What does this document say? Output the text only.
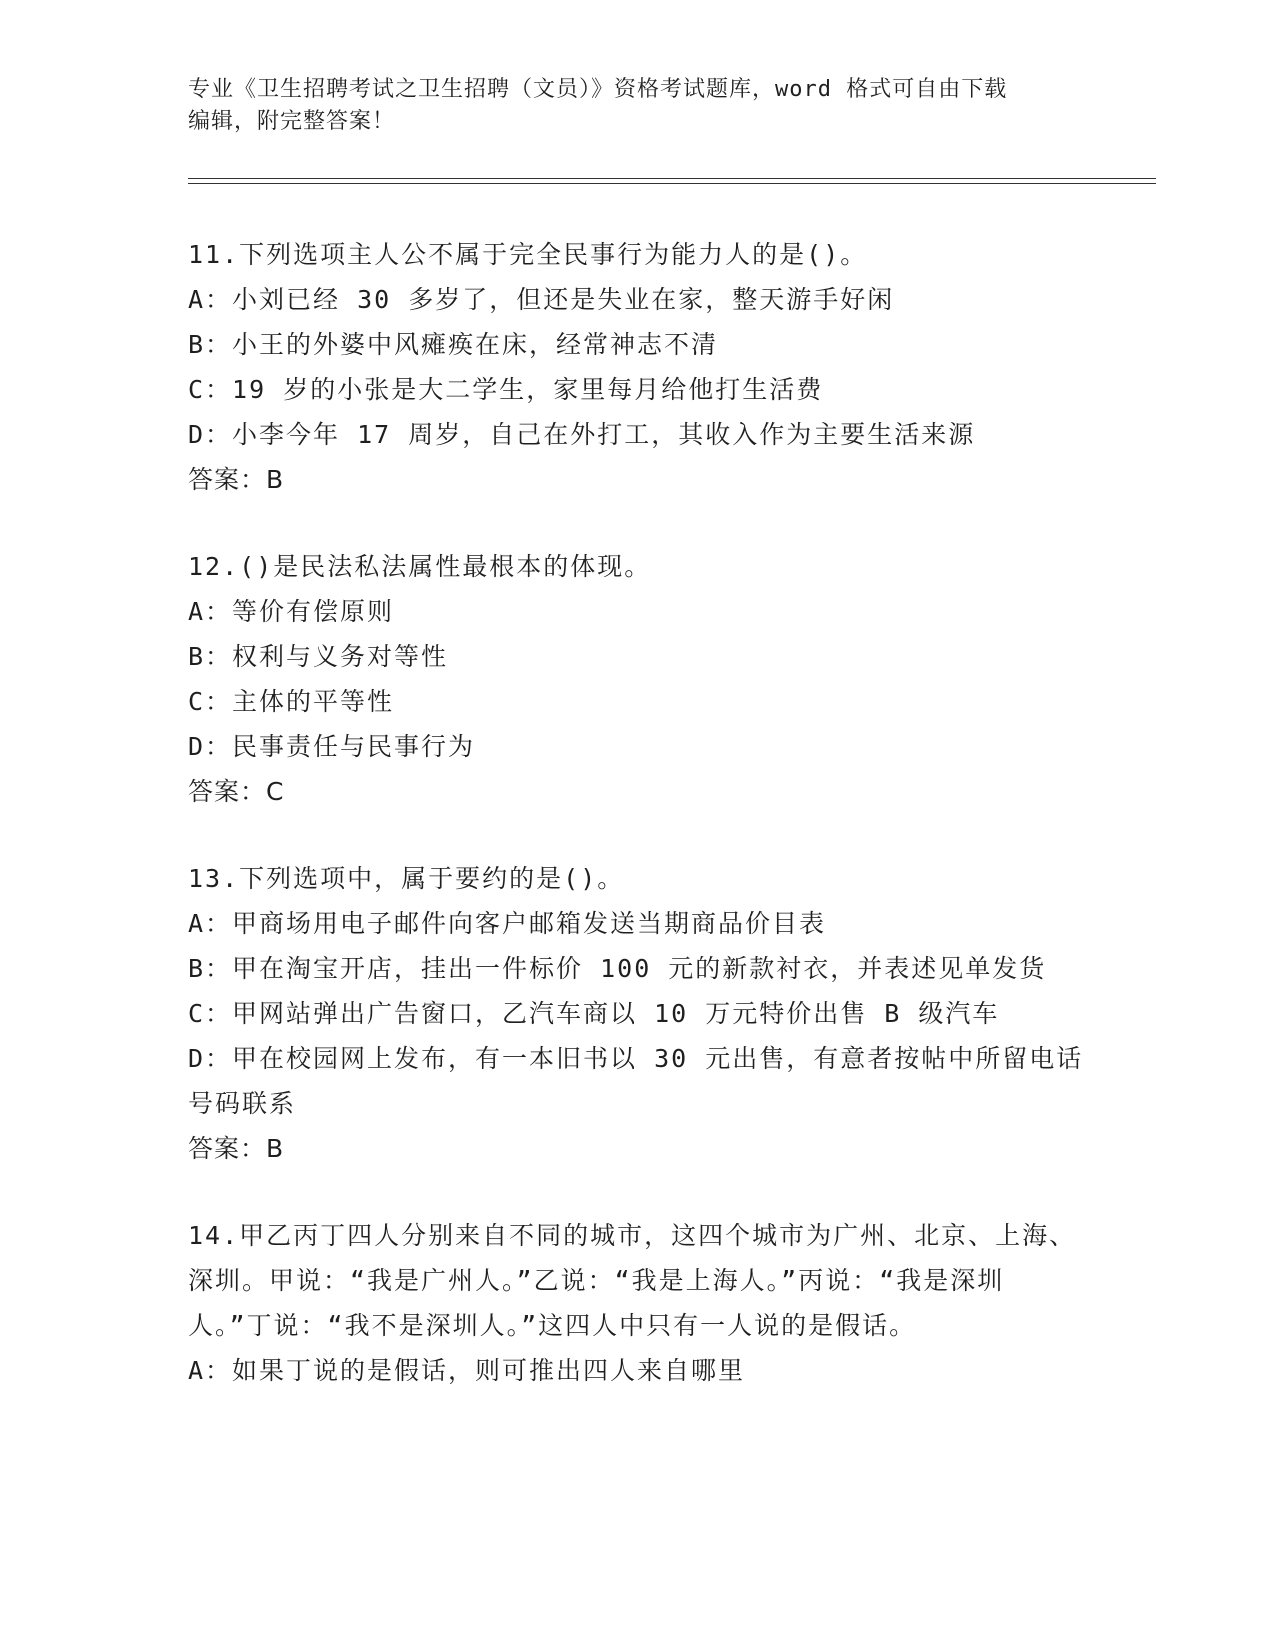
专业《卫生招聘考试之卫生招聘（文员）》资格考试题库，word 格式可自由下载
编辑，附完整答案！
11.下列选项主人公不属于完全民事行为能力人的是()。
A：小刘已经 30 多岁了，但还是失业在家，整天游手好闲
B：小王的外婆中风瘫痪在床，经常神志不清
C：19 岁的小张是大二学生，家里每月给他打生活费
D：小李今年 17 周岁，自己在外打工，其收入作为主要生活来源
答案：B
12.()是民法私法属性最根本的体现。
A：等价有偿原则
B：权利与义务对等性
C：主体的平等性
D：民事责任与民事行为
答案：C
13.下列选项中，属于要约的是()。
A：甲商场用电子邮件向客户邮箱发送当期商品价目表
B：甲在淘宝开店，挂出一件标价 100 元的新款衬衣，并表述见单发货
C：甲网站弹出广告窗口，乙汽车商以 10 万元特价出售 B 级汽车
D：甲在校园网上发布，有一本旧书以 30 元出售，有意者按帖中所留电话号码联系
答案：B
14.甲乙丙丁四人分别来自不同的城市，这四个城市为广州、北京、上海、深圳。甲说：“我是广州人。”乙说：“我是上海人。”丙说：“我是深圳人。”丁说：“我不是深圳人。”这四人中只有一人说的是假话。
A：如果丁说的是假话，则可推出四人来自哪里
